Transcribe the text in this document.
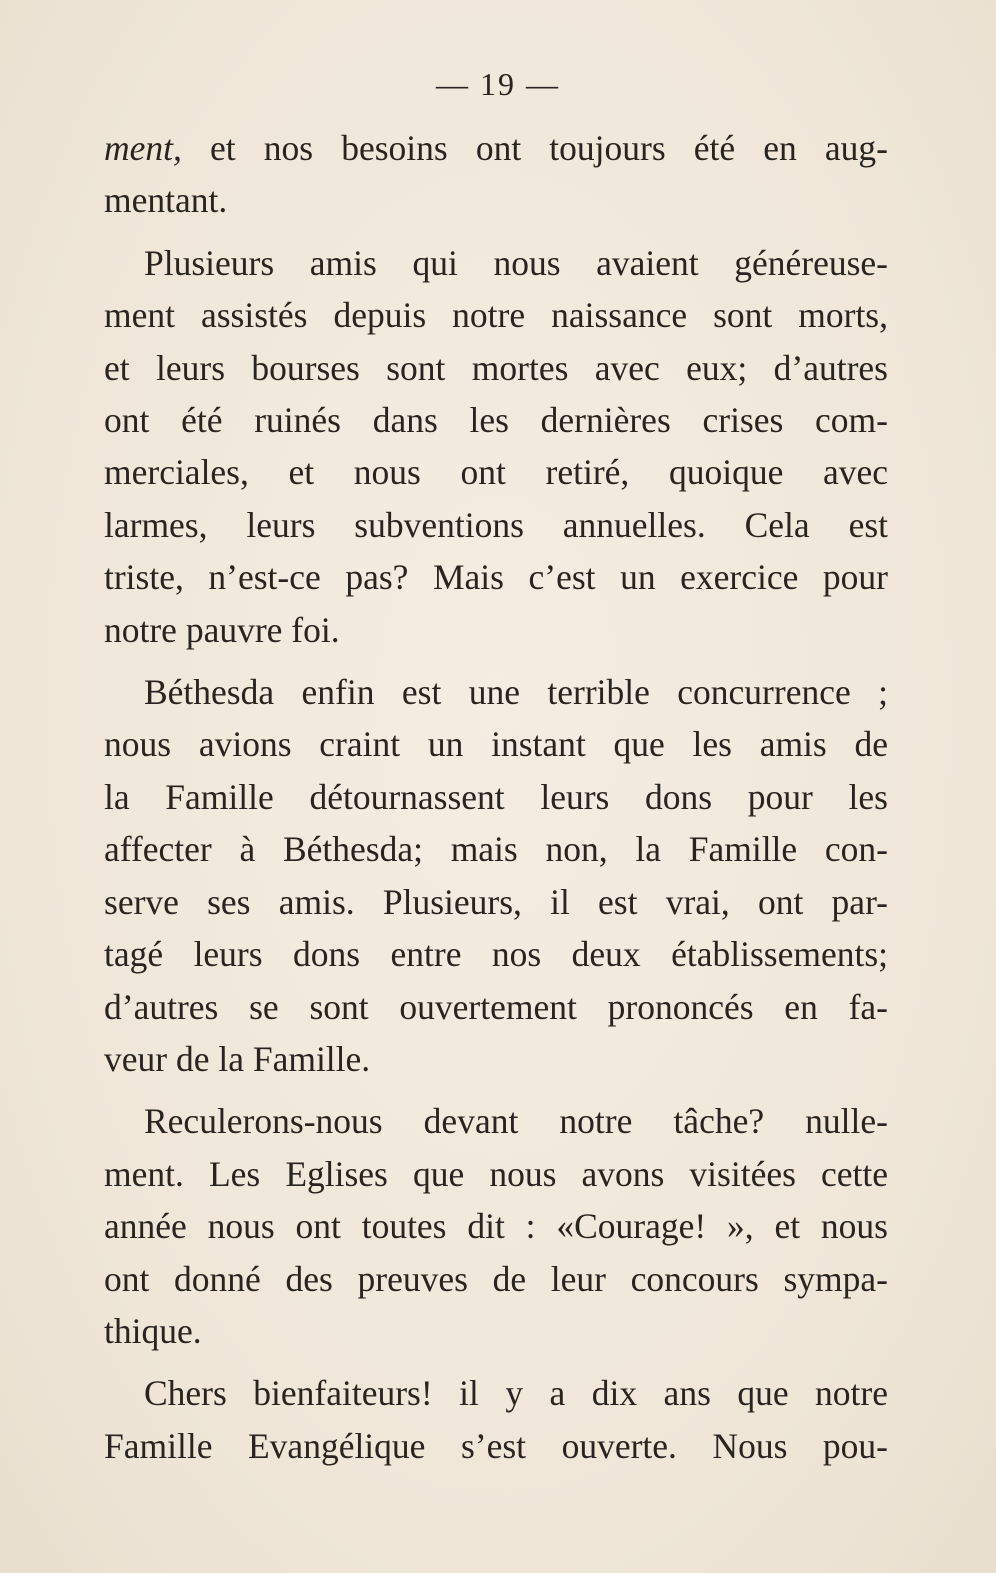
— 19 —
ment, et nos besoins ont toujours été en aug-
mentant.
Plusieurs amis qui nous avaient généreuse-
ment assistés depuis notre naissance sont morts,
et leurs bourses sont mortes avec eux; d’autres
ont été ruinés dans les dernières crises com-
merciales, et nous ont retiré, quoique avec
larmes, leurs subventions annuelles. Cela est
triste, n’est-ce pas? Mais c’est un exercice pour
notre pauvre foi.
Béthesda enfin est une terrible concurrence ;
nous avions craint un instant que les amis de
la Famille détournassent leurs dons pour les
affecter à Béthesda; mais non, la Famille con-
serve ses amis. Plusieurs, il est vrai, ont par-
tagé leurs dons entre nos deux établissements;
d’autres se sont ouvertement prononcés en fa-
veur de la Famille.
Reculerons-nous devant notre tâche? nulle-
ment. Les Eglises que nous avons visitées cette
année nous ont toutes dit : «Courage! », et nous
ont donné des preuves de leur concours sympa-
thique.
Chers bienfaiteurs! il y a dix ans que notre
Famille Evangélique s’est ouverte. Nous pou-
